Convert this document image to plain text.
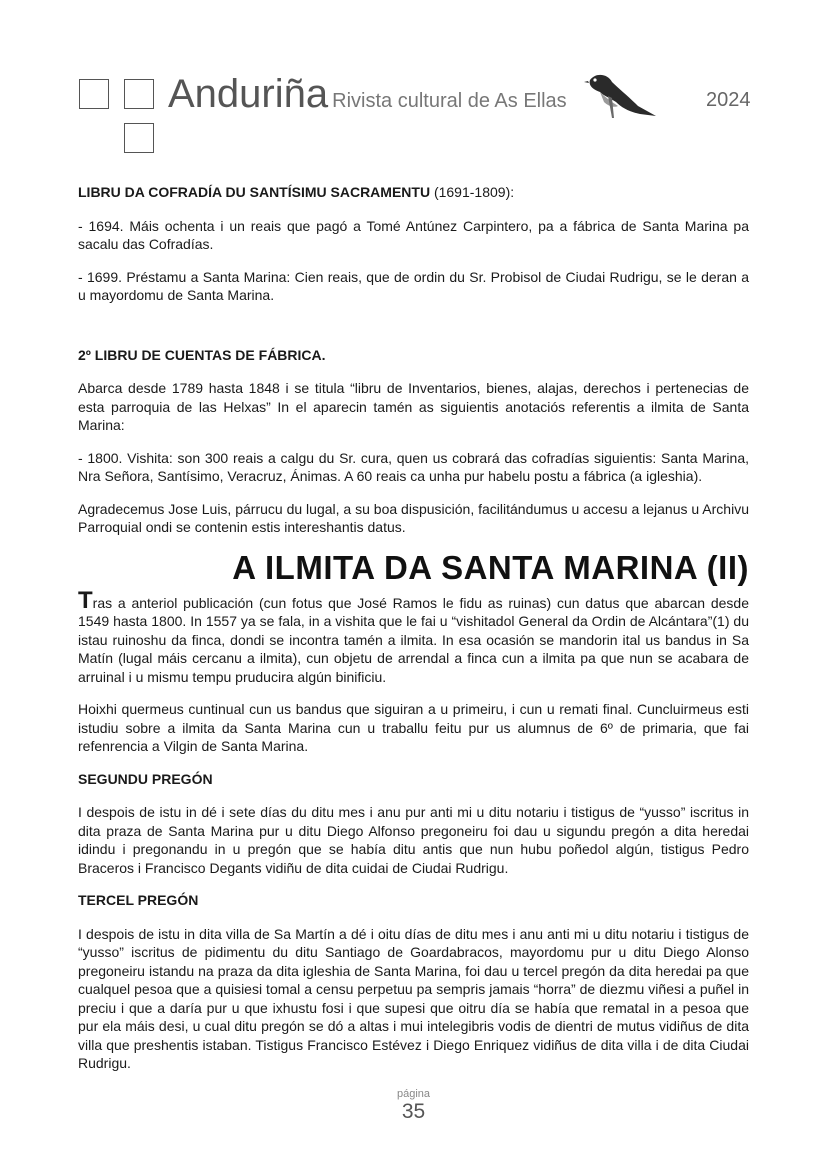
Anduriña Rivista cultural de As Ellas	2024

LIBRU DA COFRADÍA DU SANTÍSIMU SACRAMENTU (1691-1809):

- 1694. Máis ochenta i un reais que pagó a Tomé Antúnez Carpintero, pa a fábrica de Santa Marina pa sacalu das Cofradías.

- 1699. Préstamu a Santa Marina: Cien reais, que de ordin du Sr. Probisol de Ciudai Rudrigu, se le deran a u mayordomu de Santa Marina.

2º LIBRU DE CUENTAS DE FÁBRICA.

Abarca desde 1789 hasta 1848 i se titula “libru de Inventarios, bienes, alajas, derechos i pertenecias de esta parroquia de las Helxas” In el aparecin tamén as siguientis anotaciós referentis a ilmita de Santa Marina:

- 1800. Vishita: son 300 reais a calgu du Sr. cura, quen us cobrará das cofradías siguientis: Santa Marina, Nra Señora, Santísimo, Veracruz, Ánimas. A 60 reais ca unha pur habelu postu a fábrica (a igleshia).

Agradecemus Jose Luis, párrucu du lugal, a su boa dispusición, facilitándumus u accesu a lejanus u Archivu Parroquial ondi se contenin estis intereshantis datus.

A ILMITA DA SANTA MARINA (II)

Tras a anteriol publicación (cun fotus que José Ramos le fidu as ruinas) cun datus que abarcan desde 1549 hasta 1800. In 1557 ya se fala, in a vishita que le fai u “vishitadol General da Ordin de Alcántara”(1) du istau ruinoshu da finca, dondi se incontra tamén a ilmita. In esa ocasión se mandorin ital us bandus in Sa Matín (lugal máis cercanu a ilmita), cun objetu de arrendal a finca cun a ilmita pa que nun se acabara de arruinal i u mismu tempu pruducira algún binificiu.

Hoixhi quermeus cuntinual cun us bandus que siguiran a u primeiru, i cun u remati final. Cuncluirmeus esti istudiu sobre a ilmita da Santa Marina cun u traballu feitu pur us alumnus de 6º de primaria, que fai refenrencia a Vilgin de Santa Marina.

SEGUNDU PREGÓN

I despois de istu in dé i sete días du ditu mes i anu pur anti mi u ditu notariu i tistigus de “yusso” iscritus in dita praza de Santa Marina pur u ditu Diego Alfonso pregoneiru foi dau u sigundu pregón a dita heredai idindu i pregonandu in u pregón que se había ditu antis que nun hubu poñedol algún, tistigus Pedro Braceros i Francisco Degants vidiñu de dita cuidai de Ciudai Rudrigu.

TERCEL PREGÓN

I despois de istu in dita villa de Sa Martín a dé i oitu días de ditu mes i anu anti mi u ditu notariu i tistigus de “yusso” iscritus de pidimentu du ditu Santiago de Goardabracos, mayordomu pur u ditu Diego Alonso pregoneiru istandu na praza da dita igleshia de Santa Marina, foi dau u tercel pregón da dita heredai pa que cualquel pesoa que a quisiesi tomal a censu perpetuu pa sempris jamais “horra” de diezmu viñesi a puñel in preciu i que a daría pur u que ixhustu fosi i que supesi que oitru día se había que rematal in a pesoa que pur ela máis desi, u cual ditu pregón se dó a altas i mui intelegibris vodis de dientri de mutus vidiñus de dita villa que preshentis istaban. Tistigus Francisco Estévez i Diego Enriquez vidiñus de dita villa i de dita Ciudai Rudrigu.

página
35
